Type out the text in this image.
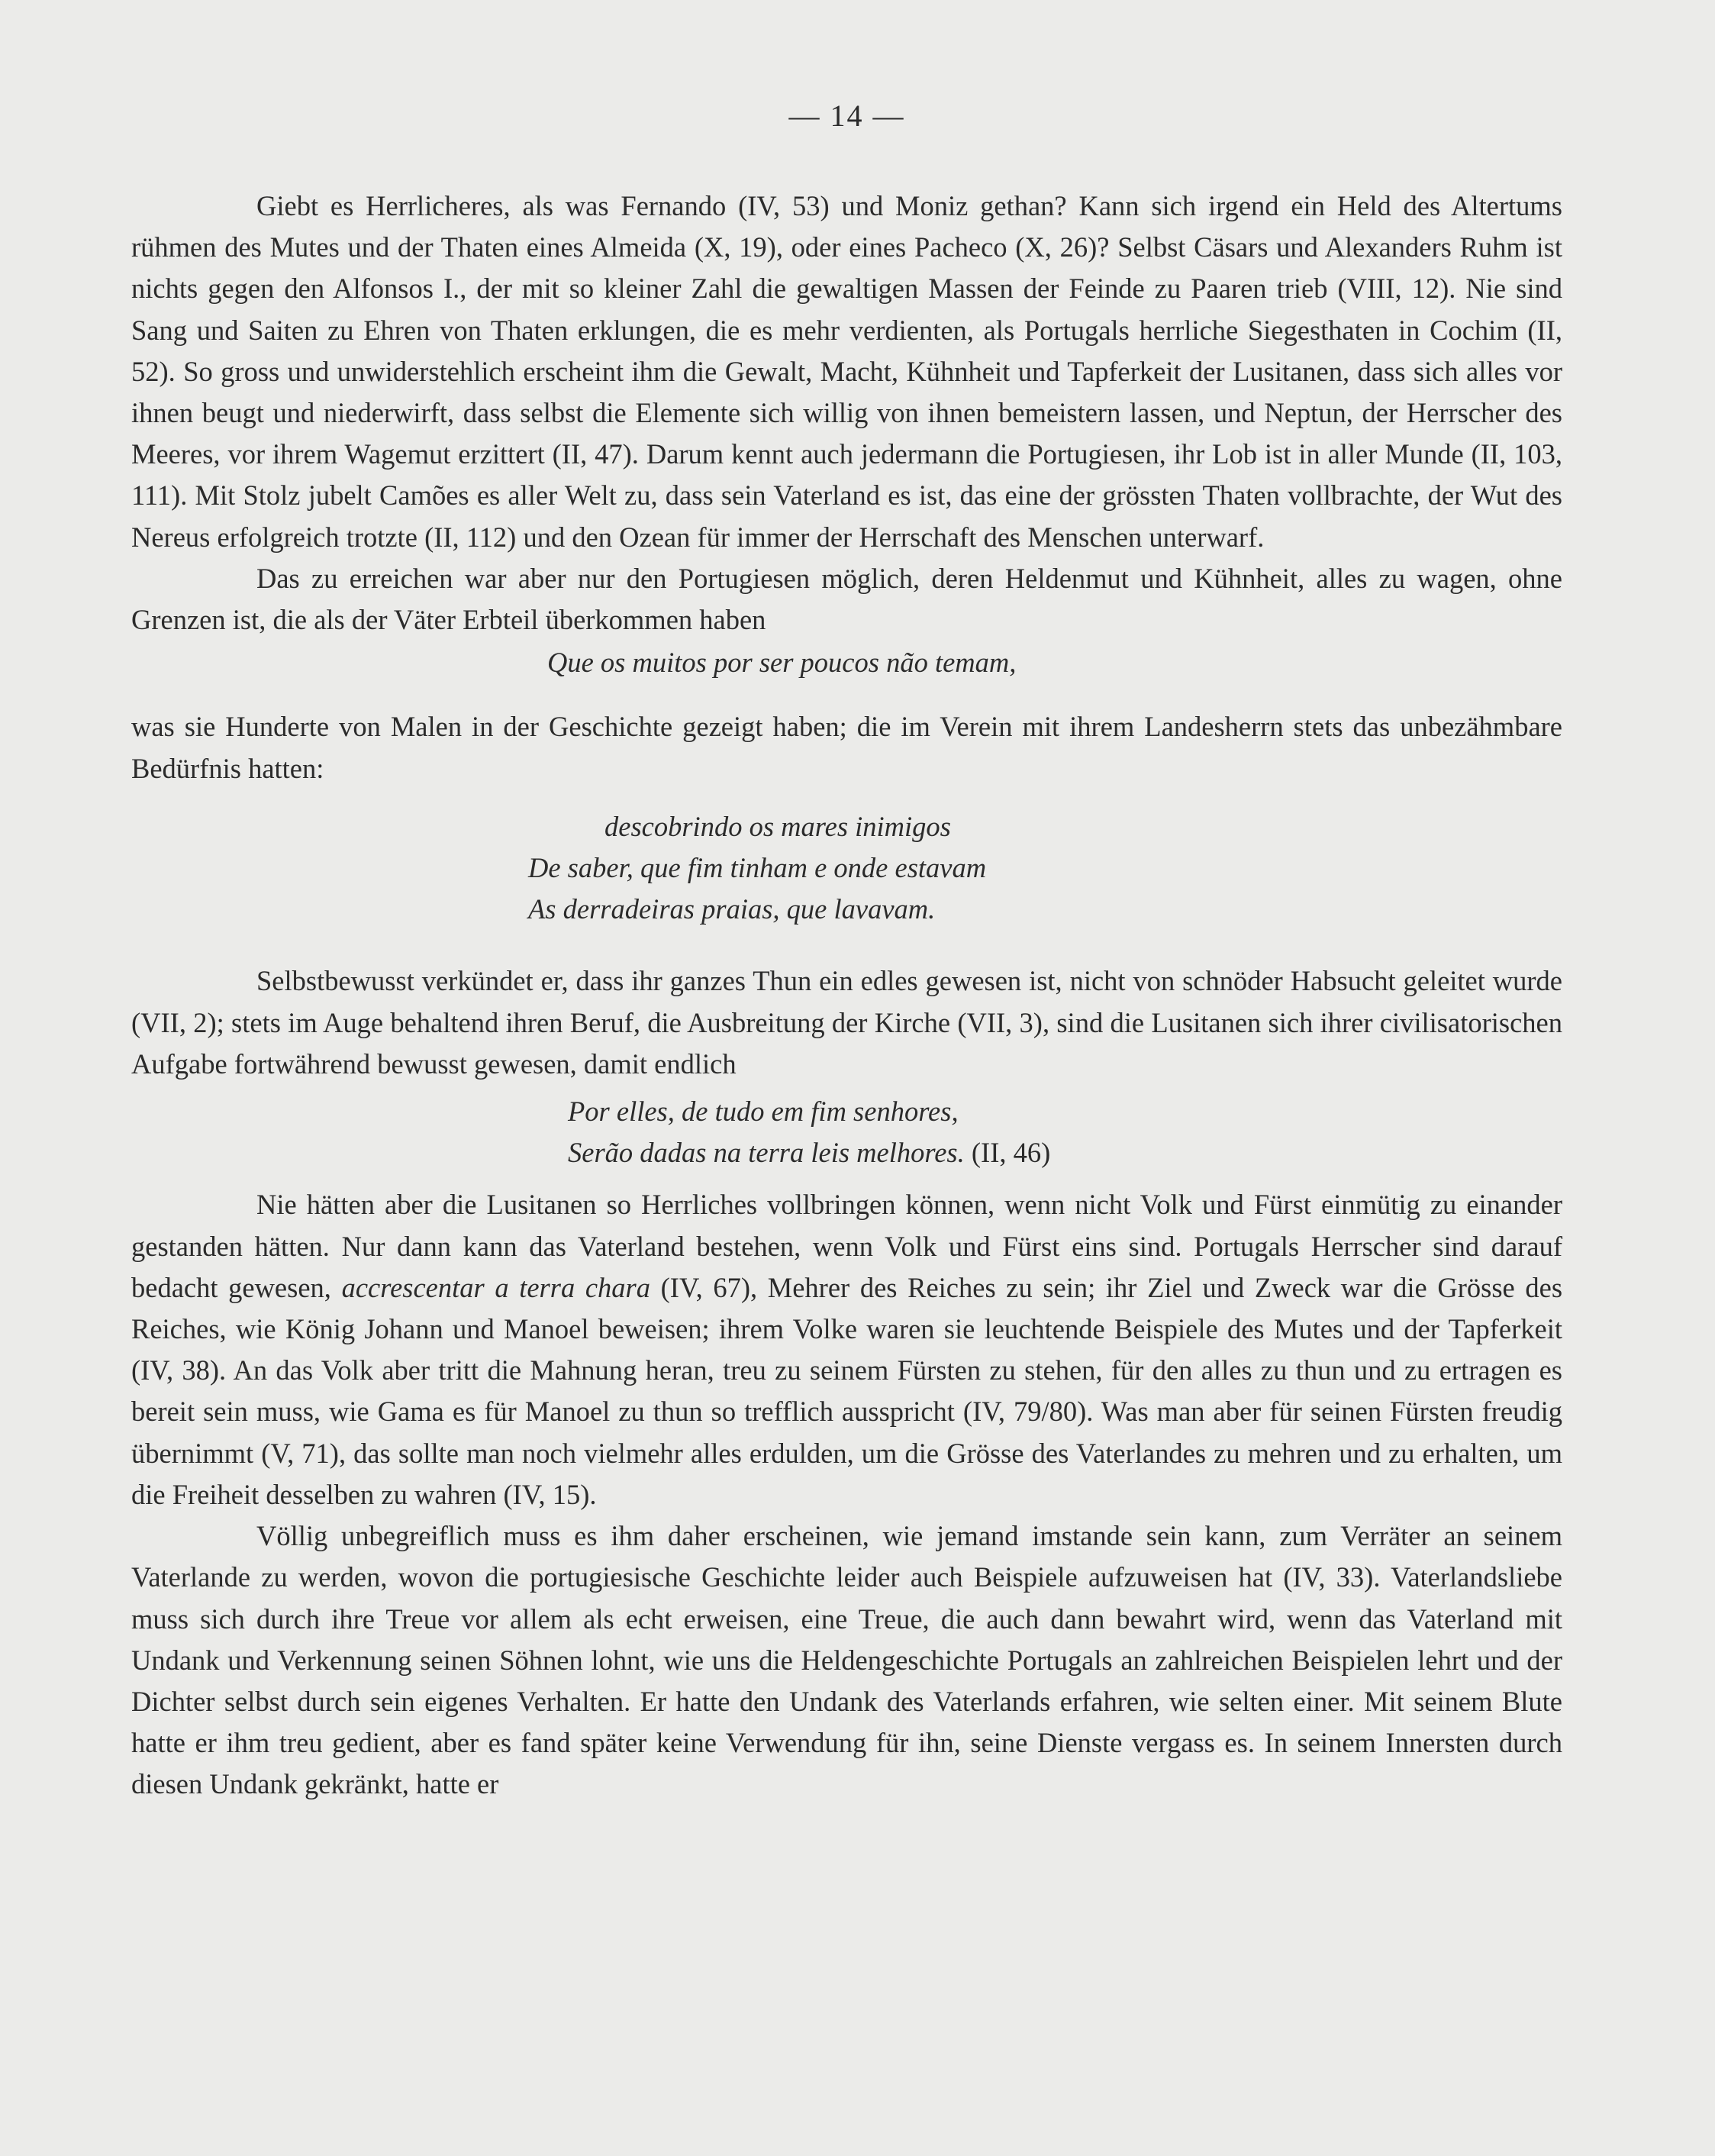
— 14 —

Giebt es Herrlicheres, als was Fernando (IV, 53) und Moniz gethan? Kann sich irgend ein Held des Altertums rühmen des Mutes und der Thaten eines Almeida (X, 19), oder eines Pacheco (X, 26)? Selbst Cäsars und Alexanders Ruhm ist nichts gegen den Alfonsos I., der mit so kleiner Zahl die gewaltigen Massen der Feinde zu Paaren trieb (VIII, 12). Nie sind Sang und Saiten zu Ehren von Thaten erklungen, die es mehr verdienten, als Portugals herrliche Siegesthaten in Cochim (II, 52). So gross und unwiderstehlich erscheint ihm die Gewalt, Macht, Kühnheit und Tapferkeit der Lusitanen, dass sich alles vor ihnen beugt und niederwirft, dass selbst die Elemente sich willig von ihnen bemeistern lassen, und Neptun, der Herrscher des Meeres, vor ihrem Wagemut erzittert (II, 47). Darum kennt auch jedermann die Portugiesen, ihr Lob ist in aller Munde (II, 103, 111). Mit Stolz jubelt Camões es aller Welt zu, dass sein Vaterland es ist, das eine der grössten Thaten vollbrachte, der Wut des Nereus erfolgreich trotzte (II, 112) und den Ozean für immer der Herrschaft des Menschen unterwarf.

Das zu erreichen war aber nur den Portugiesen möglich, deren Heldenmut und Kühnheit, alles zu wagen, ohne Grenzen ist, die als der Väter Erbteil überkommen haben

Que os muitos por ser poucos não temam,

was sie Hunderte von Malen in der Geschichte gezeigt haben; die im Verein mit ihrem Landesherrn stets das unbezähmbare Bedürfnis hatten:

descobrindo os mares inimigos
De saber, que fim tinham e onde estavam
As derradeiras praias, que lavavam.

Selbstbewusst verkündet er, dass ihr ganzes Thun ein edles gewesen ist, nicht von schnöder Habsucht geleitet wurde (VII, 2); stets im Auge behaltend ihren Beruf, die Ausbreitung der Kirche (VII, 3), sind die Lusitanen sich ihrer civilisatorischen Aufgabe fortwährend bewusst gewesen, damit endlich

Por elles, de tudo em fim senhores,
Serão dadas na terra leis melhores. (II, 46)

Nie hätten aber die Lusitanen so Herrliches vollbringen können, wenn nicht Volk und Fürst einmütig zu einander gestanden hätten. Nur dann kann das Vaterland bestehen, wenn Volk und Fürst eins sind. Portugals Herrscher sind darauf bedacht gewesen, accrescentar a terra chara (IV, 67), Mehrer des Reiches zu sein; ihr Ziel und Zweck war die Grösse des Reiches, wie König Johann und Manoel beweisen; ihrem Volke waren sie leuchtende Beispiele des Mutes und der Tapferkeit (IV, 38). An das Volk aber tritt die Mahnung heran, treu zu seinem Fürsten zu stehen, für den alles zu thun und zu ertragen es bereit sein muss, wie Gama es für Manoel zu thun so trefflich ausspricht (IV, 79/80). Was man aber für seinen Fürsten freudig übernimmt (V, 71), das sollte man noch vielmehr alles erdulden, um die Grösse des Vaterlandes zu mehren und zu erhalten, um die Freiheit desselben zu wahren (IV, 15).

Völlig unbegreiflich muss es ihm daher erscheinen, wie jemand imstande sein kann, zum Verräter an seinem Vaterlande zu werden, wovon die portugiesische Geschichte leider auch Beispiele aufzuweisen hat (IV, 33). Vaterlandsliebe muss sich durch ihre Treue vor allem als echt erweisen, eine Treue, die auch dann bewahrt wird, wenn das Vaterland mit Undank und Verkennung seinen Söhnen lohnt, wie uns die Heldengeschichte Portugals an zahlreichen Beispielen lehrt und der Dichter selbst durch sein eigenes Verhalten. Er hatte den Undank des Vaterlands erfahren, wie selten einer. Mit seinem Blute hatte er ihm treu gedient, aber es fand später keine Verwendung für ihn, seine Dienste vergass es. In seinem Innersten durch diesen Undank gekränkt, hatte er
